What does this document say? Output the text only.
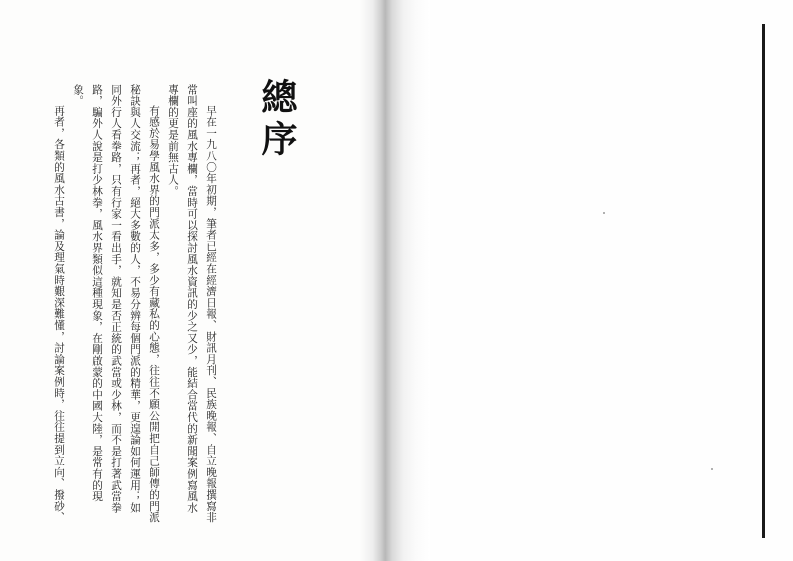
總序

早在一九八〇年初期，筆者已經在經濟日報、財訊月刊、民族晚報、自立晚報撰寫非常叫座的風水專欄，當時可以探討風水資訊的少之又少，能結合當代的新聞案例寫風水專欄的更是前無古人。

有感於易學風水界的門派太多，多少有藏私的心態，往往不願公開把自己師傳的門派秘訣與人交流；再者，絕大多數的人，不易分辨每個門派的精華，更遑論如何運用；如同外行人看拳路，只有行家一看出手，就知是否正統的武當或少林，而不是打著武當拳路，騙外人說是打少林拳，風水界類似這種現象，在剛啟蒙的中國大陸，是常有的現象。

再者，各類的風水古書，論及理氣時艱深難懂，討論案例時，往往提到立向、撥砂、
